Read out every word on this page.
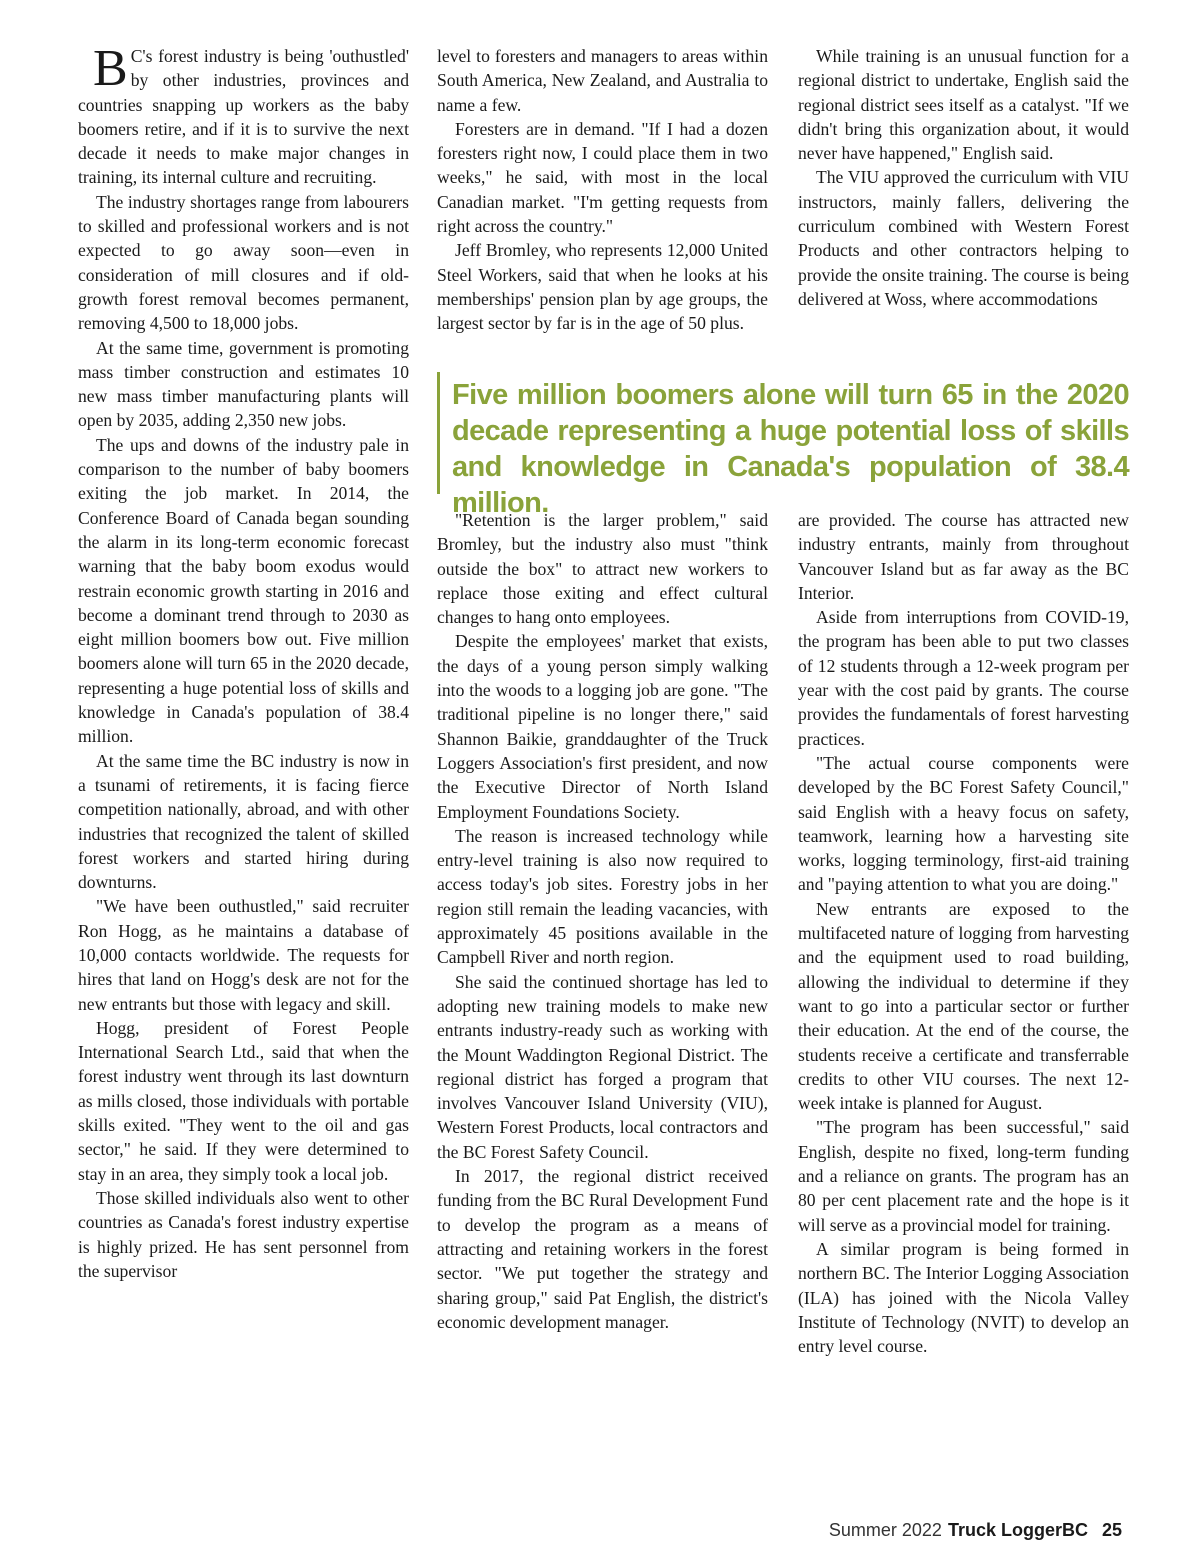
B C's forest industry is being 'outhustled' by other industries, provinces and countries snapping up workers as the baby boomers retire, and if it is to survive the next decade it needs to make major changes in training, its internal culture and recruiting.

The industry shortages range from labourers to skilled and professional workers and is not expected to go away soon—even in consideration of mill closures and if old-growth forest removal becomes permanent, removing 4,500 to 18,000 jobs.

At the same time, government is promoting mass timber construction and estimates 10 new mass timber manufacturing plants will open by 2035, adding 2,350 new jobs.

The ups and downs of the industry pale in comparison to the number of baby boomers exiting the job market. In 2014, the Conference Board of Canada began sounding the alarm in its long-term economic forecast warning that the baby boom exodus would restrain economic growth starting in 2016 and become a dominant trend through to 2030 as eight million boomers bow out. Five million boomers alone will turn 65 in the 2020 decade, representing a huge potential loss of skills and knowledge in Canada's population of 38.4 million.

At the same time the BC industry is now in a tsunami of retirements, it is facing fierce competition nationally, abroad, and with other industries that recognized the talent of skilled forest workers and started hiring during downturns.

"We have been outhustled," said recruiter Ron Hogg, as he maintains a database of 10,000 contacts worldwide. The requests for hires that land on Hogg's desk are not for the new entrants but those with legacy and skill.

Hogg, president of Forest People International Search Ltd., said that when the forest industry went through its last downturn as mills closed, those individuals with portable skills exited. "They went to the oil and gas sector," he said. If they were determined to stay in an area, they simply took a local job.

Those skilled individuals also went to other countries as Canada's forest industry expertise is highly prized. He has sent personnel from the supervisor

level to foresters and managers to areas within South America, New Zealand, and Australia to name a few.

Foresters are in demand. "If I had a dozen foresters right now, I could place them in two weeks," he said, with most in the local Canadian market. "I'm getting requests from right across the country."

Jeff Bromley, who represents 12,000 United Steel Workers, said that when he looks at his memberships' pension plan by age groups, the largest sector by far is in the age of 50 plus.

While training is an unusual function for a regional district to undertake, English said the regional district sees itself as a catalyst. "If we didn't bring this organization about, it would never have happened," English said.

The VIU approved the curriculum with VIU instructors, mainly fallers, delivering the curriculum combined with Western Forest Products and other contractors helping to provide the onsite training. The course is being delivered at Woss, where accommodations

Five million boomers alone will turn 65 in the 2020 decade representing a huge potential loss of skills and knowledge in Canada's population of 38.4 million.

"Retention is the larger problem," said Bromley, but the industry also must "think outside the box" to attract new workers to replace those exiting and effect cultural changes to hang onto employees.

Despite the employees' market that exists, the days of a young person simply walking into the woods to a logging job are gone. "The traditional pipeline is no longer there," said Shannon Baikie, granddaughter of the Truck Loggers Association's first president, and now the Executive Director of North Island Employment Foundations Society.

The reason is increased technology while entry-level training is also now required to access today's job sites. Forestry jobs in her region still remain the leading vacancies, with approximately 45 positions available in the Campbell River and north region.

She said the continued shortage has led to adopting new training models to make new entrants industry-ready such as working with the Mount Waddington Regional District. The regional district has forged a program that involves Vancouver Island University (VIU), Western Forest Products, local contractors and the BC Forest Safety Council.

In 2017, the regional district received funding from the BC Rural Development Fund to develop the program as a means of attracting and retaining workers in the forest sector. "We put together the strategy and sharing group," said Pat English, the district's economic development manager.

are provided. The course has attracted new industry entrants, mainly from throughout Vancouver Island but as far away as the BC Interior.

Aside from interruptions from COVID-19, the program has been able to put two classes of 12 students through a 12-week program per year with the cost paid by grants. The course provides the fundamentals of forest harvesting practices.

"The actual course components were developed by the BC Forest Safety Council," said English with a heavy focus on safety, teamwork, learning how a harvesting site works, logging terminology, first-aid training and "paying attention to what you are doing."

New entrants are exposed to the multifaceted nature of logging from harvesting and the equipment used to road building, allowing the individual to determine if they want to go into a particular sector or further their education. At the end of the course, the students receive a certificate and transferrable credits to other VIU courses. The next 12-week intake is planned for August.

"The program has been successful," said English, despite no fixed, long-term funding and a reliance on grants. The program has an 80 per cent placement rate and the hope is it will serve as a provincial model for training.

A similar program is being formed in northern BC. The Interior Logging Association (ILA) has joined with the Nicola Valley Institute of Technology (NVIT) to develop an entry level course.

Summer 2022 Truck LoggerBC 25
